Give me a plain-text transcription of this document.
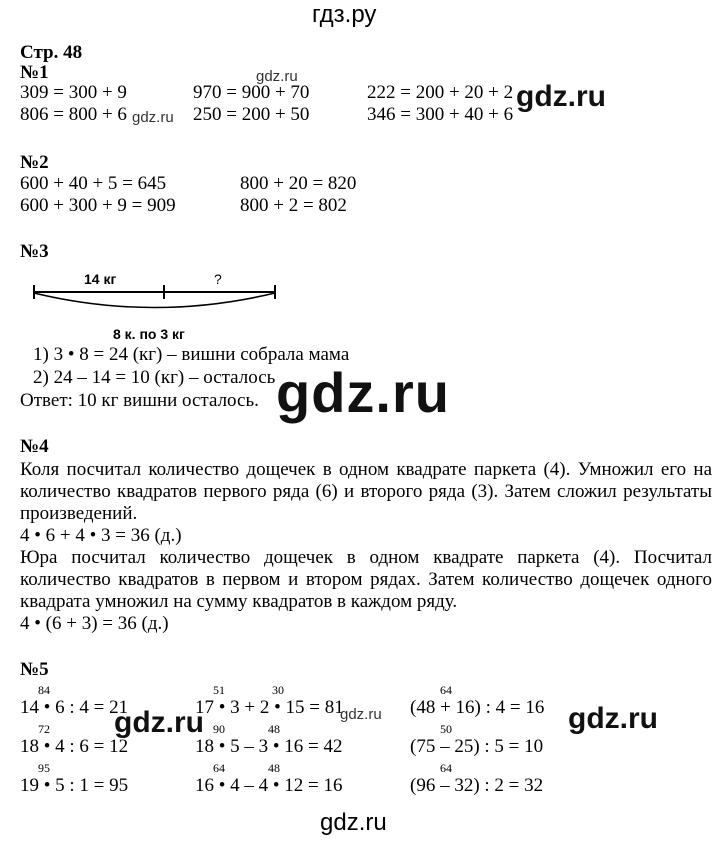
гдз.ру
Стр. 48
№1	gdz.ru
309 = 300 + 9	970 = 900 + 70	222 = 200 + 20 + 2
806 = 800 + 6 gdz.ru 250 = 200 + 50	346 = 300 + 40 + 6
gdz.ru
№2
600 + 40 + 5 = 645	800 + 20 = 820
600 + 300 + 9 = 909	800 + 2 = 802
№3
14 кг	?
8 к. по 3 кг
1) 3 • 8 = 24 (кг) – вишни собрала мама
2) 24 – 14 = 10 (кг) – осталось
Ответ: 10 кг вишни осталось. gdz.ru
№4
Коля посчитал количество дощечек в одном квадрате паркета (4). Умножил его на количество квадратов первого ряда (6) и второго ряда (3). Затем сложил результаты произведений.
4 • 6 + 4 • 3 = 36 (д.)
Юра посчитал количество дощечек в одном квадрате паркета (4). Посчитал количество квадратов в первом и втором рядах. Затем количество дощечек одного квадрата умножил на сумму квадратов в каждом ряду.
4 • (6 + 3) = 36 (д.)
№5
84	51	30	64
14 • 6 : 4 = 21	17 • 3 + 2 • 15 = 81	(48 + 16) : 4 = 16
72	90	48	50
18 • 4 : 6 = 12	18 • 5 – 3 • 16 = 42	(75 – 25) : 5 = 10
95	64	48	64
19 • 5 : 1 = 95	16 • 4 – 4 • 12 = 16	(96 – 32) : 2 = 32
gdz.ru	gdz.ru	gdz.ru
gdz.ru
